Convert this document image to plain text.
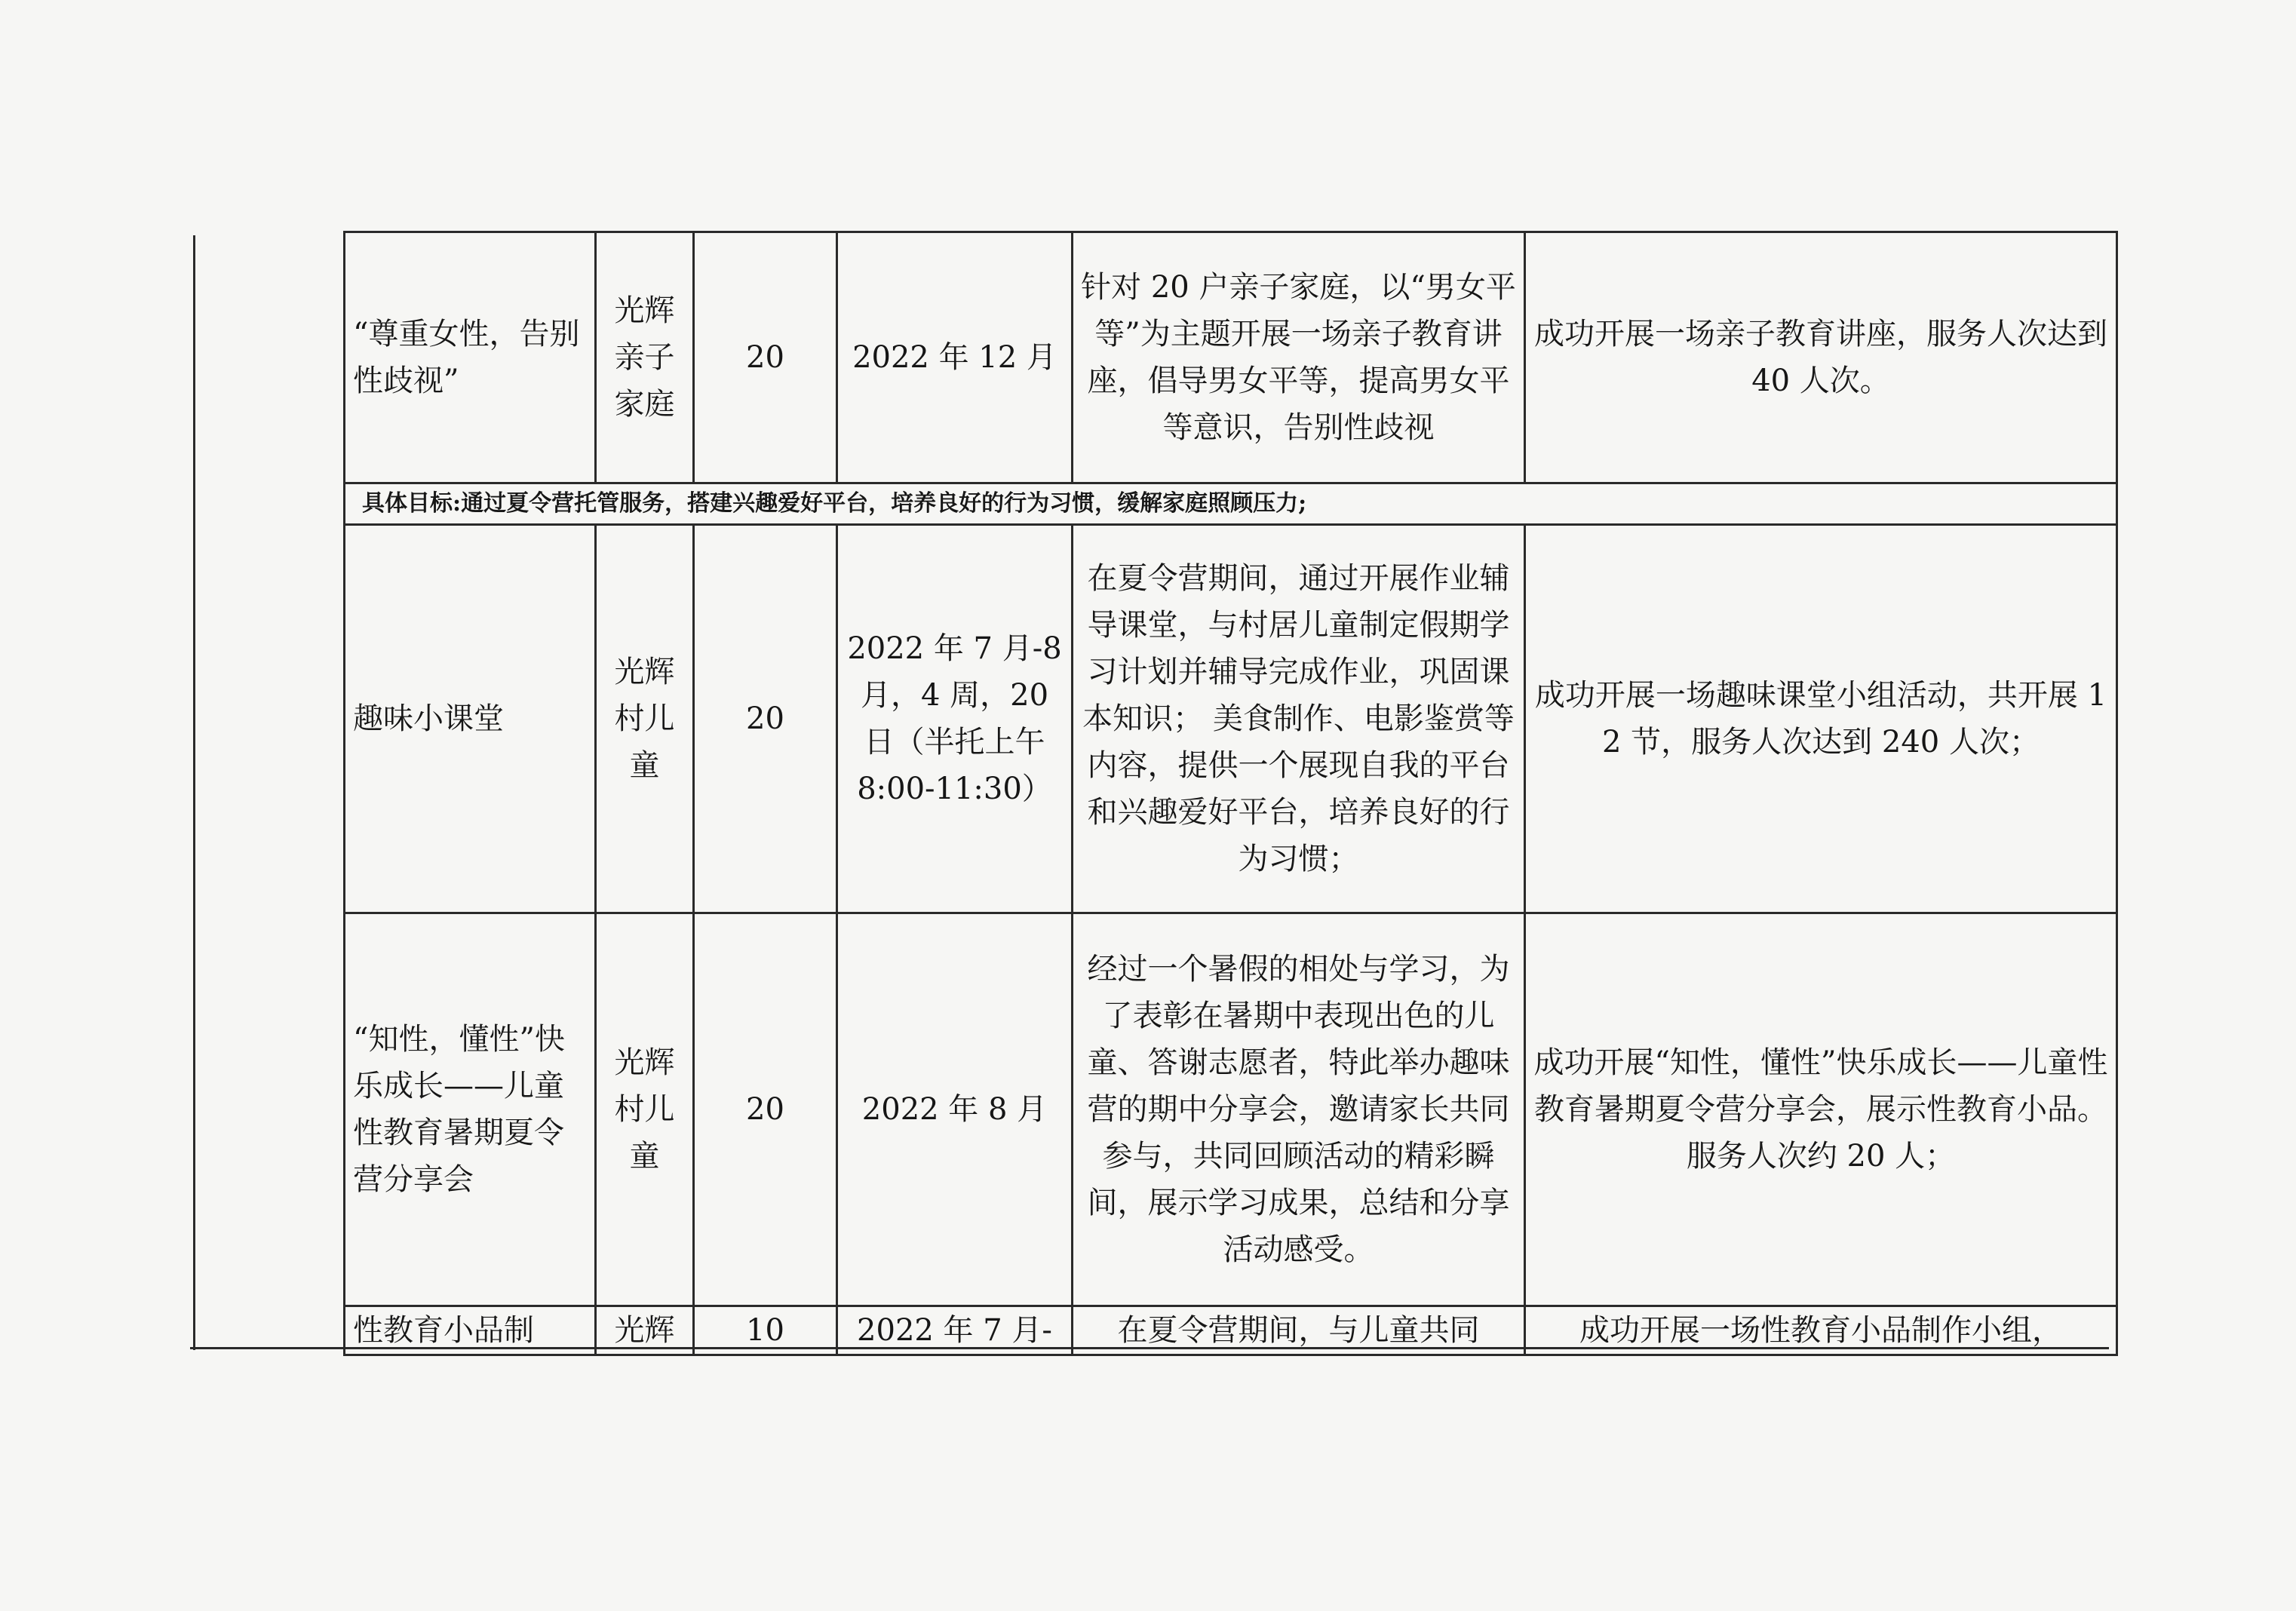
“尊重女性，告别性歧视”	光辉亲子家庭	20	2022 年 12 月	针对 20 户亲子家庭，以“男女平等”为主题开展一场亲子教育讲座，倡导男女平等，提高男女平等意识，告别性歧视	成功开展一场亲子教育讲座，服务人次达到 40 人次。
具体目标:通过夏令营托管服务，搭建兴趣爱好平台，培养良好的行为习惯，缓解家庭照顾压力;					
趣味小课堂	光辉村儿童	20	2022 年 7 月-8 月，4 周，20 日（半托上午 8:00-11:30）	在夏令营期间，通过开展作业辅导课堂，与村居儿童制定假期学习计划并辅导完成作业，巩固课本知识； 美食制作、电影鉴赏等内容，提供一个展现自我的平台和兴趣爱好平台，培养良好的行为习惯；	成功开展一场趣味课堂小组活动，共开展 12 节，服务人次达到 240 人次；
“知性，懂性”快乐成长——儿童性教育暑期夏令营分享会	光辉村儿童	20	2022 年 8 月	经过一个暑假的相处与学习，为了表彰在暑期中表现出色的儿童、答谢志愿者，特此举办趣味营的期中分享会，邀请家长共同参与，共同回顾活动的精彩瞬间，展示学习成果，总结和分享活动感受。	成功开展“知性，懂性”快乐成长——儿童性教育暑期夏令营分享会，展示性教育小品。服务人次约 20 人；
性教育小品制	光辉	10	2022 年 7 月-	在夏令营期间，与儿童共同	成功开展一场性教育小品制作小组，
